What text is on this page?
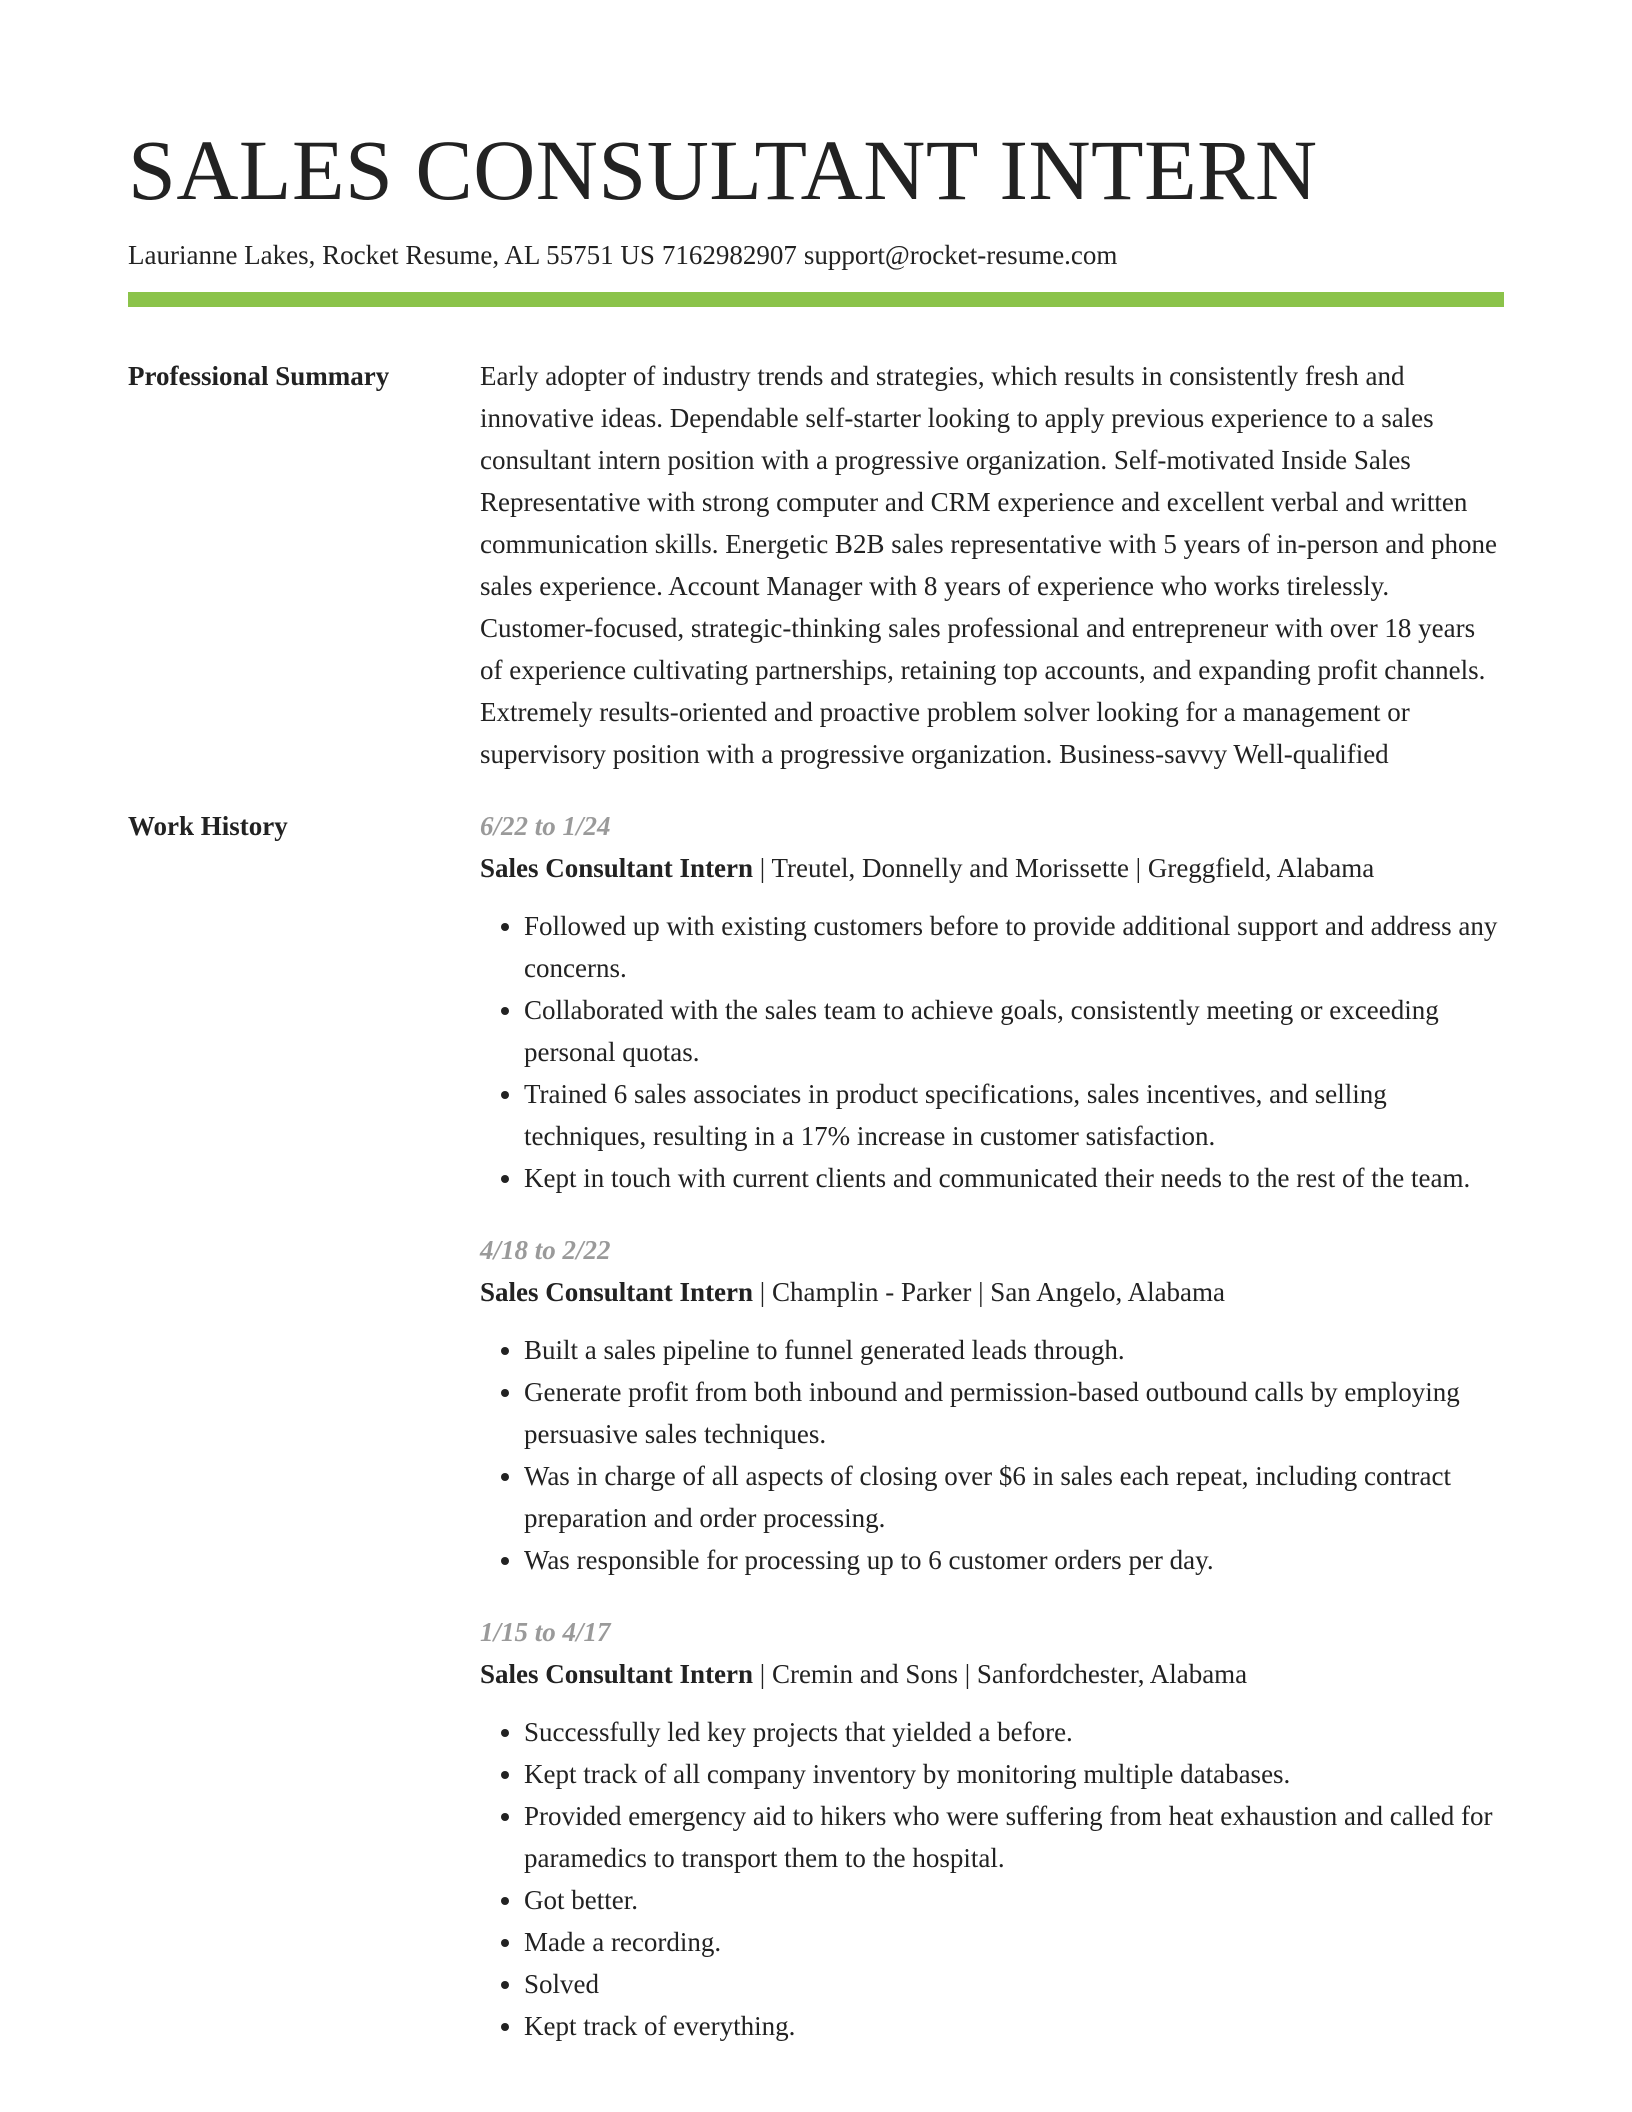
SALES CONSULTANT INTERN
Laurianne Lakes, Rocket Resume, AL 55751 US 7162982907 support@rocket-resume.com
Professional Summary	Early adopter of industry trends and strategies, which results in consistently fresh and innovative ideas. Dependable self-starter looking to apply previous experience to a sales consultant intern position with a progressive organization. Self-motivated Inside Sales Representative with strong computer and CRM experience and excellent verbal and written communication skills. Energetic B2B sales representative with 5 years of in-person and phone sales experience. Account Manager with 8 years of experience who works tirelessly. Customer-focused, strategic-thinking sales professional and entrepreneur with over 18 years of experience cultivating partnerships, retaining top accounts, and expanding profit channels. Extremely results-oriented and proactive problem solver looking for a management or supervisory position with a progressive organization. Business-savvy Well-qualified

Work History	6/22 to 1/24
Sales Consultant Intern | Treutel, Donnelly and Morissette | Greggfield, Alabama
• Followed up with existing customers before to provide additional support and address any concerns.
• Collaborated with the sales team to achieve goals, consistently meeting or exceeding personal quotas.
• Trained 6 sales associates in product specifications, sales incentives, and selling techniques, resulting in a 17% increase in customer satisfaction.
• Kept in touch with current clients and communicated their needs to the rest of the team.
4/18 to 2/22
Sales Consultant Intern | Champlin - Parker | San Angelo, Alabama
• Built a sales pipeline to funnel generated leads through.
• Generate profit from both inbound and permission-based outbound calls by employing persuasive sales techniques.
• Was in charge of all aspects of closing over $6 in sales each repeat, including contract preparation and order processing.
• Was responsible for processing up to 6 customer orders per day.
1/15 to 4/17
Sales Consultant Intern | Cremin and Sons | Sanfordchester, Alabama
• Successfully led key projects that yielded a before.
• Kept track of all company inventory by monitoring multiple databases.
• Provided emergency aid to hikers who were suffering from heat exhaustion and called for paramedics to transport them to the hospital.
• Got better.
• Made a recording.
• Solved
• Kept track of everything.
